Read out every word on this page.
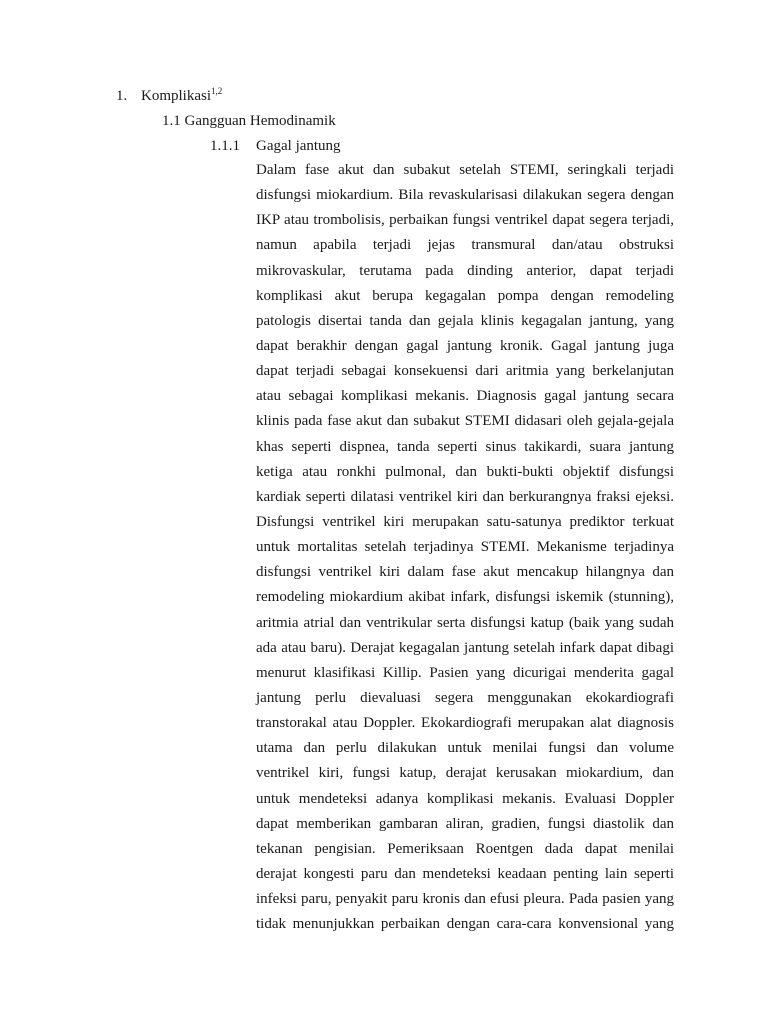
1. Komplikasi$^{1,2}$
1.1 Gangguan Hemodinamik
1.1.1 Gagal jantung
Dalam fase akut dan subakut setelah STEMI, seringkali terjadi
disfungsi miokardium. Bila revaskularisasi dilakukan segera dengan
IKP atau trombolisis, perbaikan fungsi ventrikel dapat segera terjadi,
namun apabila terjadi jejas transmural dan/atau obstruksi
mikrovaskular, terutama pada dinding anterior, dapat terjadi
komplikasi akut berupa kegagalan pompa dengan remodeling
patologis disertai tanda dan gejala klinis kegagalan jantung, yang
dapat berakhir dengan gagal jantung kronik. Gagal jantung juga
dapat terjadi sebagai konsekuensi dari aritmia yang berkelanjutan
atau sebagai komplikasi mekanis. Diagnosis gagal jantung secara
klinis pada fase akut dan subakut STEMI didasari oleh gejala-gejala
khas seperti dispnea, tanda seperti sinus takikardi, suara jantung
ketiga atau ronkhi pulmonal, dan bukti-bukti objektif disfungsi
kardiak seperti dilatasi ventrikel kiri dan berkurangnya fraksi ejeksi.
Disfungsi ventrikel kiri merupakan satu-satunya prediktor terkuat
untuk mortalitas setelah terjadinya STEMI. Mekanisme terjadinya
disfungsi ventrikel kiri dalam fase akut mencakup hilangnya dan
remodeling miokardium akibat infark, disfungsi iskemik (stunning),
aritmia atrial dan ventrikular serta disfungsi katup (baik yang sudah
ada atau baru). Derajat kegagalan jantung setelah infark dapat dibagi
menurut klasifikasi Killip. Pasien yang dicurigai menderita gagal
jantung perlu dievaluasi segera menggunakan ekokardiografi
transtorakal atau Doppler. Ekokardiografi merupakan alat diagnosis
utama dan perlu dilakukan untuk menilai fungsi dan volume
ventrikel kiri, fungsi katup, derajat kerusakan miokardium, dan
untuk mendeteksi adanya komplikasi mekanis. Evaluasi Doppler
dapat memberikan gambaran aliran, gradien, fungsi diastolik dan
tekanan pengisian. Pemeriksaan Roentgen dada dapat menilai
derajat kongesti paru dan mendeteksi keadaan penting lain seperti
infeksi paru, penyakit paru kronis dan efusi pleura. Pada pasien yang
tidak menunjukkan perbaikan dengan cara-cara konvensional yang
